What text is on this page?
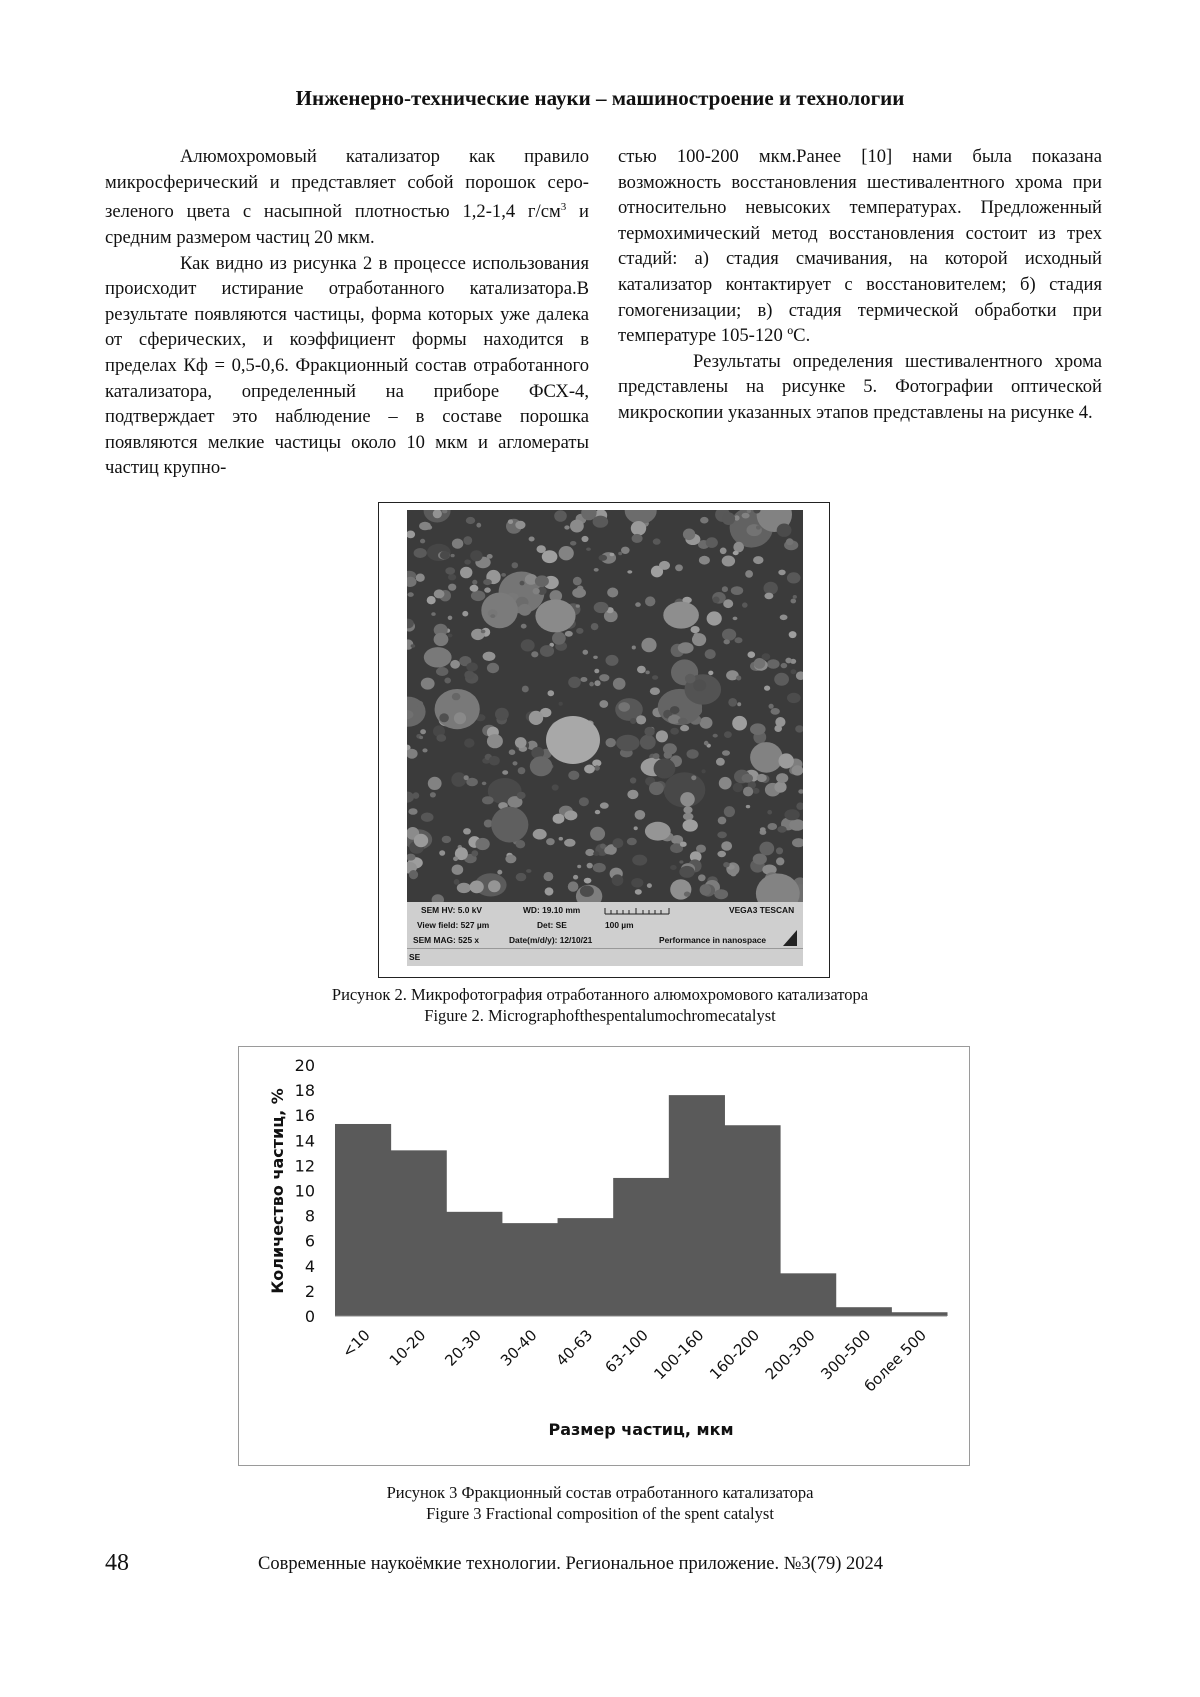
Инженерно-технические науки – машиностроение и технологии

Алюмохромовый катализатор как правило микросферический и представляет собой порошок серо-зеленого цвета с насыпной плотностью 1,2-1,4 $г/см^3$ и средним размером частиц 20 мкм.

Как видно из рисунка 2 в процессе использования происходит истирание отработанного катализатора.В результате появляются частицы, форма которых уже далека от сферических, и коэффициент формы находится в пределах Кф = 0,5-0,6. Фракционный состав отработанного катализатора, определенный на приборе ФСХ-4, подтверждает это наблюдение – в составе порошка появляются мелкие частицы около 10 мкм и агломераты частиц крупно-

стью 100-200 мкм.Ранее [10] нами была показана возможность восстановления шестивалентного хрома при относительно невысоких температурах. Предложенный термохимический метод восстановления состоит из трех стадий: а) стадия смачивания, на которой исходный катализатор контактирует с восстановителем; б) стадия гомогенизации; в) стадия термической обработки при температуре 105-120 ºС.

Результаты определения шестивалентного хрома представлены на рисунке 5. Фотографии оптической микроскопии указанных этапов представлены на рисунке 4.

SEM HV: 5.0 kV	WD: 19.10 mm	VEGA3 TESCAN
View field: 527 µm	Det: SE	100 µm
SEM MAG: 525 x	Date(m/d/y): 12/10/21	Performance in nanospace
SE
Рисунок 2. Микрофотография отработанного алюмохромового катализатора
Figure 2. Micrographofthespentalumochromecatalyst
0
2
4
6
8
10
12
14
16
18
20
<10 10-20 20-30 30-40 40-63 63-100
100-160
160-200
200-300
300-500
более 500
Размер частиц, мкм
Количество частиц, %
Рисунок 3 Фракционный состав отработанного катализатора
Figure 3 Fractional composition of the spent catalyst
48	Современные наукоёмкие технологии. Региональное приложение. №3(79) 2024
